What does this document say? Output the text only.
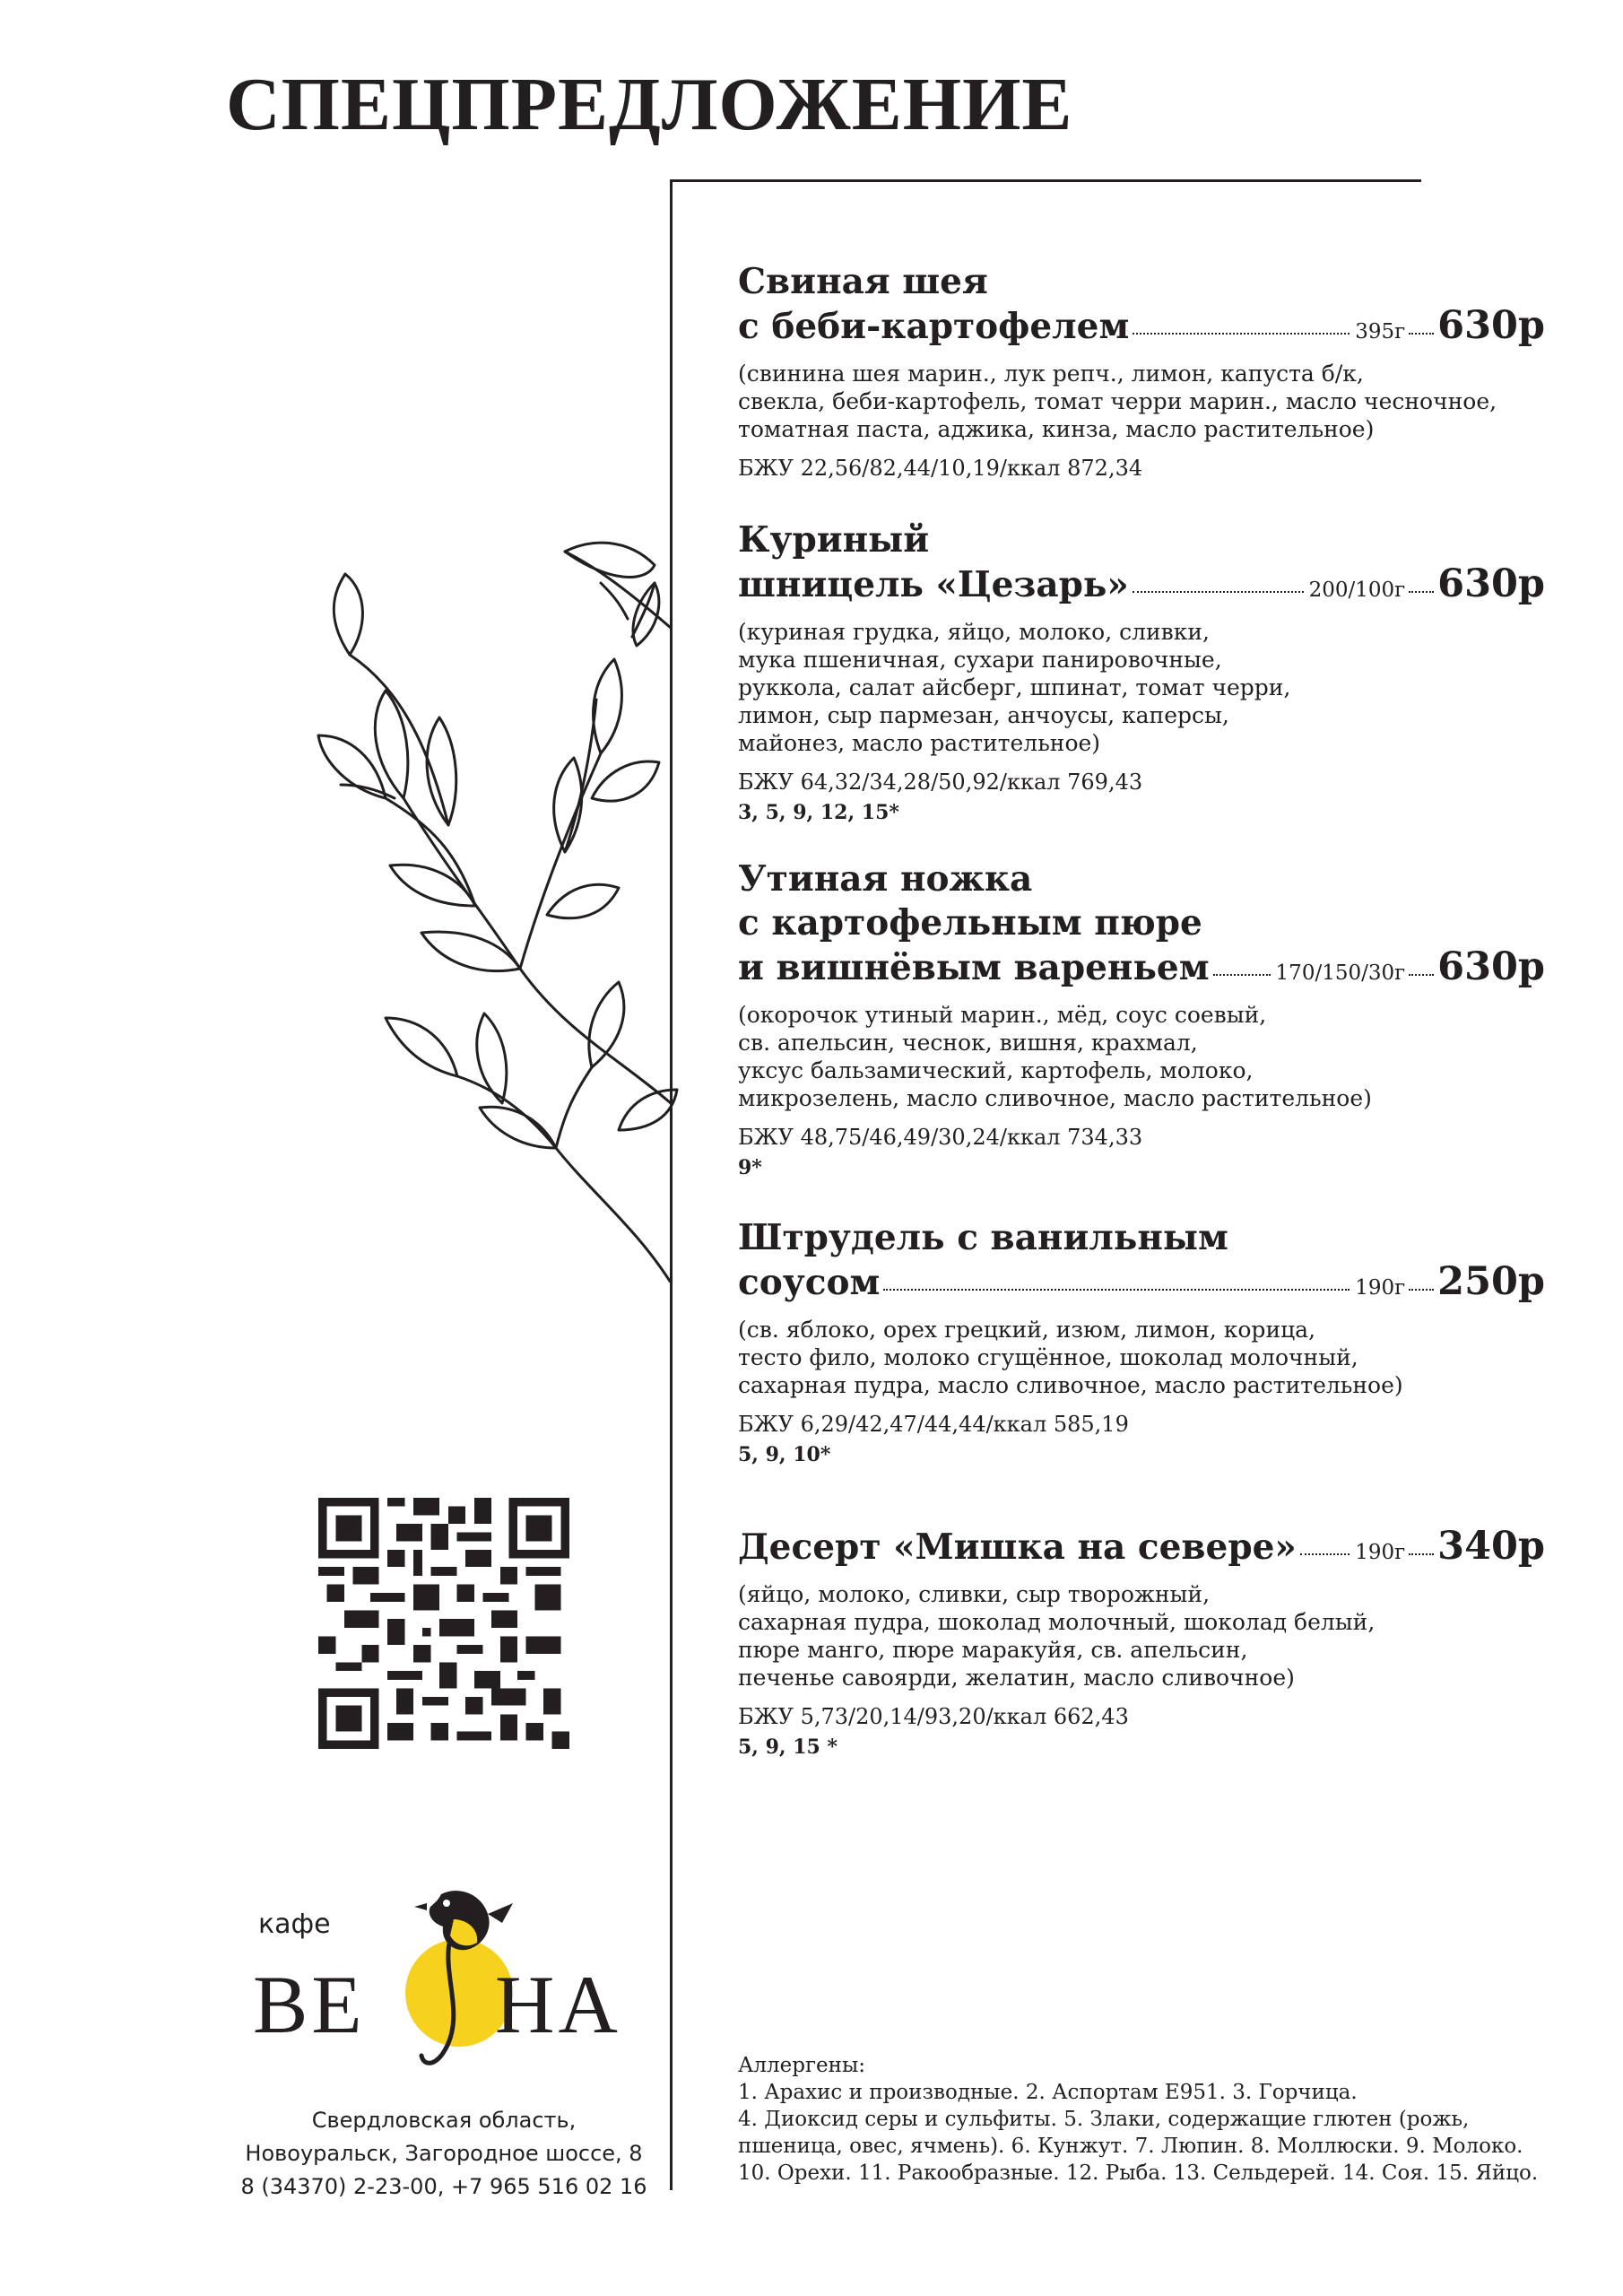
СПЕЦПРЕДЛОЖЕНИЕ
Свиная шея
с беби-картофелем	395г 630р
(свинина шея марин., лук репч., лимон, капуста б/к,
свекла, беби-картофель, томат черри марин., масло чесночное,
томатная паста, аджика, кинза, масло растительное)
БЖУ 22,56/82,44/10,19/ккал 872,34
Куриный
шницель «Цезарь»	200/100г 630р
(куриная грудка, яйцо, молоко, сливки,
мука пшеничная, сухари панировочные,
руккола, салат айсберг, шпинат, томат черри,
лимон, сыр пармезан, анчоусы, каперсы,
майонез, масло растительное)
БЖУ 64,32/34,28/50,92/ккал 769,43
3, 5, 9, 12, 15*
Утиная ножка
с картофельным пюре
и вишнёвым вареньем	170/150/30г 630р
(окорочок утиный марин., мёд, соус соевый,
св. апельсин, чеснок, вишня, крахмал,
уксус бальзамический, картофель, молоко,
микрозелень, масло сливочное, масло растительное)
БЖУ 48,75/46,49/30,24/ккал 734,33
9*
Штрудель с ванильным
соусом	190г 250р
(св. яблоко, орех грецкий, изюм, лимон, корица,
тесто фило, молоко сгущённое, шоколад молочный,
сахарная пудра, масло сливочное, масло растительное)
БЖУ 6,29/42,47/44,44/ккал 585,19
5, 9, 10*
Десерт «Мишка на севере»	190г 340р
(яйцо, молоко, сливки, сыр творожный,
сахарная пудра, шоколад молочный, шоколад белый,
пюре манго, пюре маракуйя, св. апельсин,
печенье савоярди, желатин, масло сливочное)
БЖУ 5,73/20,14/93,20/ккал 662,43
5, 9, 15 *
кафе
ВЕ НА
Свердловская область,
Новоуральск, Загородное шоссе, 8
8 (34370) 2-23-00, +7 965 516 02 16
Аллергены:
1. Арахис и производные. 2. Аспортам Е951. 3. Горчица.
4. Диоксид серы и сульфиты. 5. Злаки, содержащие глютен (рожь,
пшеница, овес, ячмень). 6. Кунжут. 7. Люпин. 8. Моллюски. 9. Молоко.
10. Орехи. 11. Ракообразные. 12. Рыба. 13. Сельдерей. 14. Соя. 15. Яйцо.
